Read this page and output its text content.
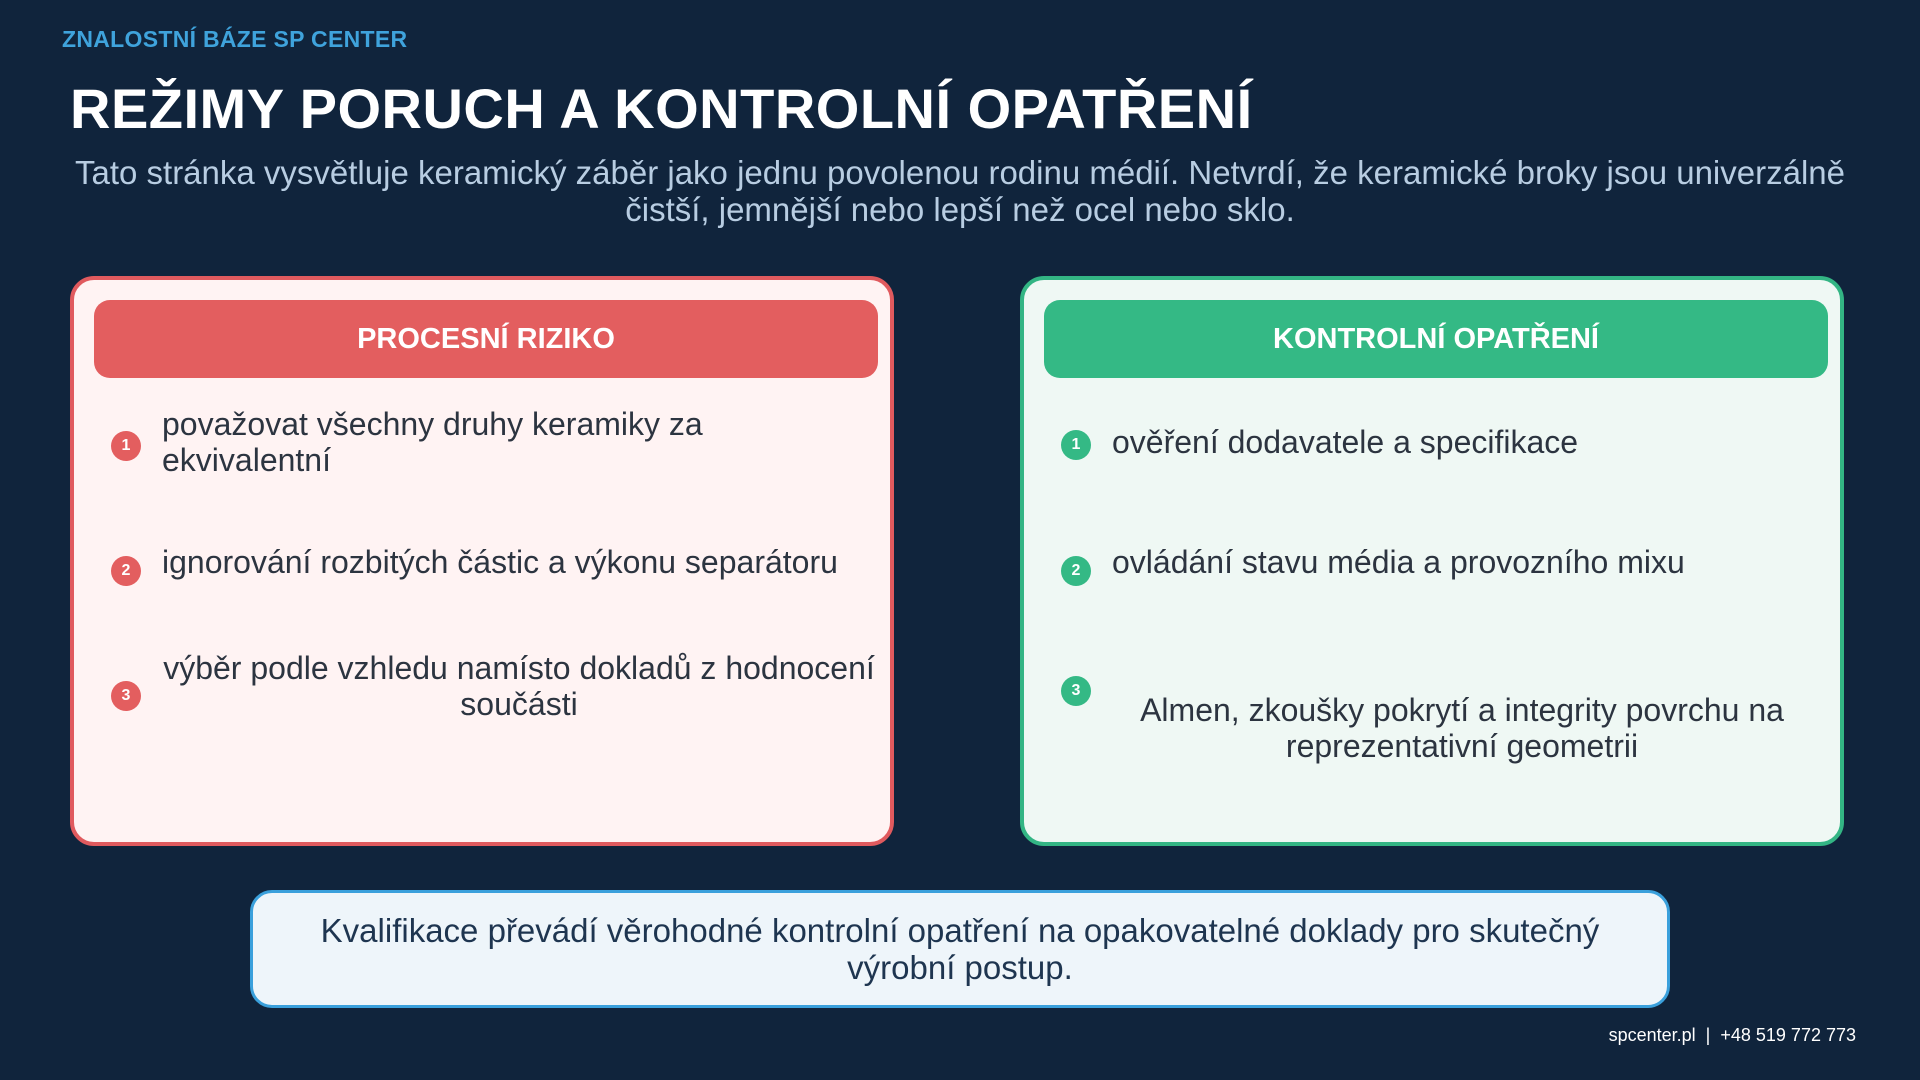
ZNALOSTNÍ BÁZE SP CENTER
REŽIMY PORUCH A KONTROLNÍ OPATŘENÍ
Tato stránka vysvětluje keramický záběr jako jednu povolenou rodinu médií. Netvrdí, že keramické broky jsou univerzálně čistší, jemnější nebo lepší než ocel nebo sklo.
PROCESNÍ RIZIKO
1
považovat všechny druhy keramiky za ekvivalentní
2 ignorování rozbitých částic a výkonu separátoru
3
výběr podle vzhledu namísto dokladů z hodnocení součásti
KONTROLNÍ OPATŘENÍ
1 ověření dodavatele a specifikace
2 ovládání stavu média a provozního mixu
3
Almen, zkoušky pokrytí a integrity povrchu na reprezentativní geometrii
Kvalifikace převádí věrohodné kontrolní opatření na opakovatelné doklady pro skutečný výrobní postup.
spcenter.pl  |  +48 519 772 773
